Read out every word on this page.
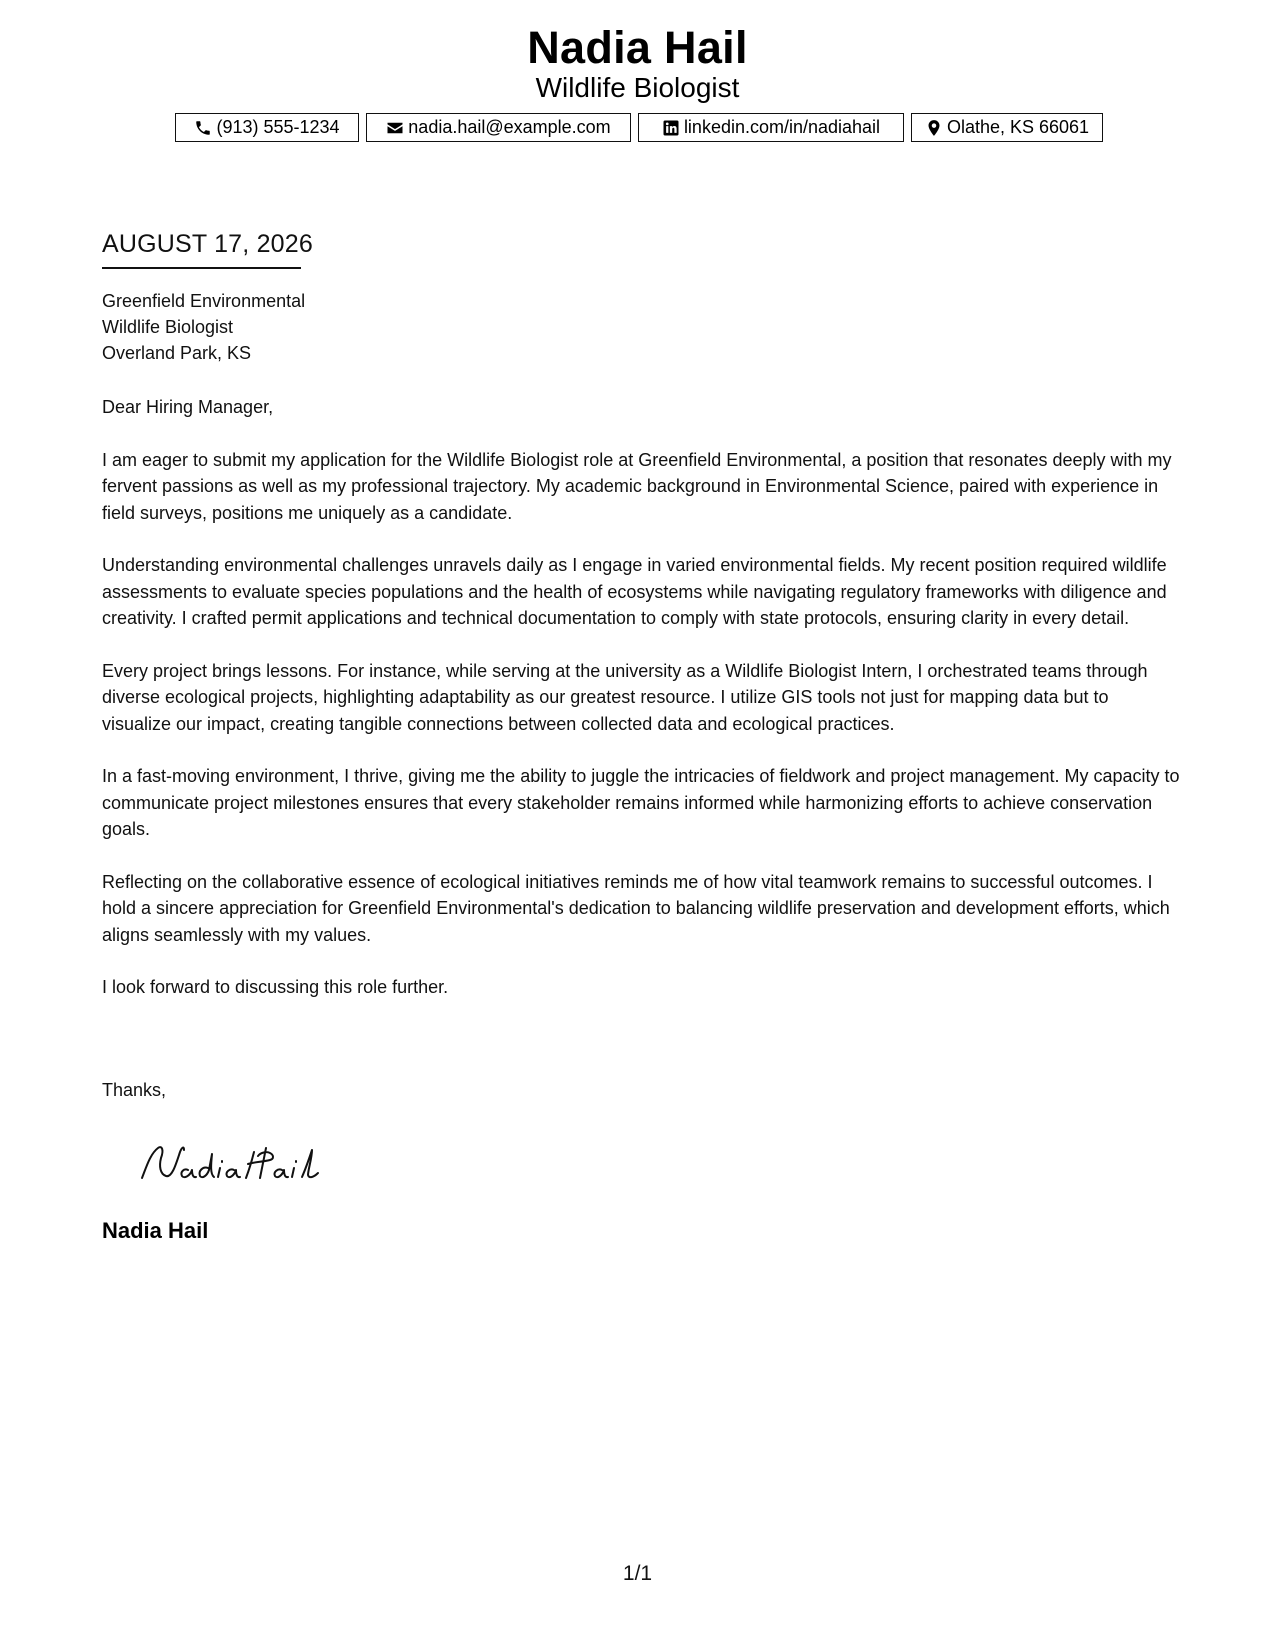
Nadia Hail
Wildlife Biologist
(913) 555-1234	nadia.hail@example.com	linkedin.com/in/nadiahail	Olathe, KS 66061
AUGUST 17, 2026
Greenfield Environmental
Wildlife Biologist
Overland Park, KS

Dear Hiring Manager,

I am eager to submit my application for the Wildlife Biologist role at Greenfield Environmental, a position that resonates deeply with my fervent passions as well as my professional trajectory. My academic background in Environmental Science, paired with experience in field surveys, positions me uniquely as a candidate.

Understanding environmental challenges unravels daily as I engage in varied environmental fields. My recent position required wildlife assessments to evaluate species populations and the health of ecosystems while navigating regulatory frameworks with diligence and creativity. I crafted permit applications and technical documentation to comply with state protocols, ensuring clarity in every detail.

Every project brings lessons. For instance, while serving at the university as a Wildlife Biologist Intern, I orchestrated teams through diverse ecological projects, highlighting adaptability as our greatest resource. I utilize GIS tools not just for mapping data but to visualize our impact, creating tangible connections between collected data and ecological practices.

In a fast-moving environment, I thrive, giving me the ability to juggle the intricacies of fieldwork and project management. My capacity to communicate project milestones ensures that every stakeholder remains informed while harmonizing efforts to achieve conservation goals.

Reflecting on the collaborative essence of ecological initiatives reminds me of how vital teamwork remains to successful outcomes. I hold a sincere appreciation for Greenfield Environmental's dedication to balancing wildlife preservation and development efforts, which aligns seamlessly with my values.

I look forward to discussing this role further.

Thanks,
Nadia Hail
1/1
